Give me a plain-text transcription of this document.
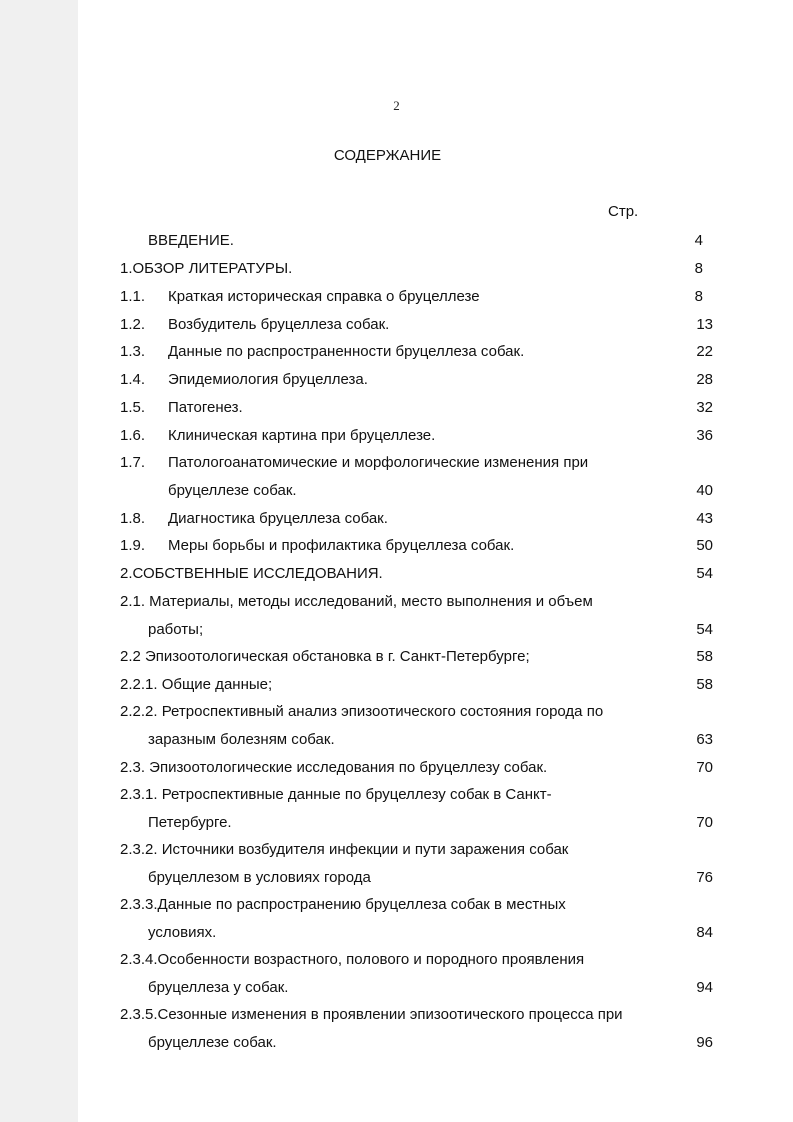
2
СОДЕРЖАНИЕ
Стр.
ВВЕДЕНИЕ.	4
1.ОБЗОР ЛИТЕРАТУРЫ.	8
1.1. Краткая историческая справка о бруцеллезе	8
1.2. Возбудитель бруцеллеза собак.	13
1.3. Данные по распространенности бруцеллеза собак.	22
1.4. Эпидемиология бруцеллеза.	28
1.5. Патогенез.	32
1.6. Клиническая картина при бруцеллезе.	36
1.7. Патологоанатомические и морфологические изменения при
бруцеллезе собак.	40
1.8. Диагностика бруцеллеза собак.	43
1.9. Меры борьбы и профилактика бруцеллеза собак.	50
2.СОБСТВЕННЫЕ ИССЛЕДОВАНИЯ.	54
2.1. Материалы, методы исследований, место выполнения и объем
работы;	54
2.2 Эпизоотологическая обстановка в г. Санкт-Петербурге;	58
2.2.1. Общие данные;	58
2.2.2. Ретроспективный анализ эпизоотического состояния города по
заразным болезням собак.	63
2.3. Эпизоотологические исследования по бруцеллезу собак.	70
2.3.1. Ретроспективные данные по бруцеллезу собак в Санкт-
Петербурге.	70
2.3.2. Источники возбудителя инфекции и пути заражения собак
бруцеллезом в условиях города	76
2.3.3.Данные по распространению бруцеллеза собак в местных
условиях.	84
2.3.4.Особенности возрастного, полового и породного проявления
бруцеллеза у собак.	94
2.3.5.Сезонные изменения в проявлении эпизоотического процесса при
бруцеллезе собак.	96
